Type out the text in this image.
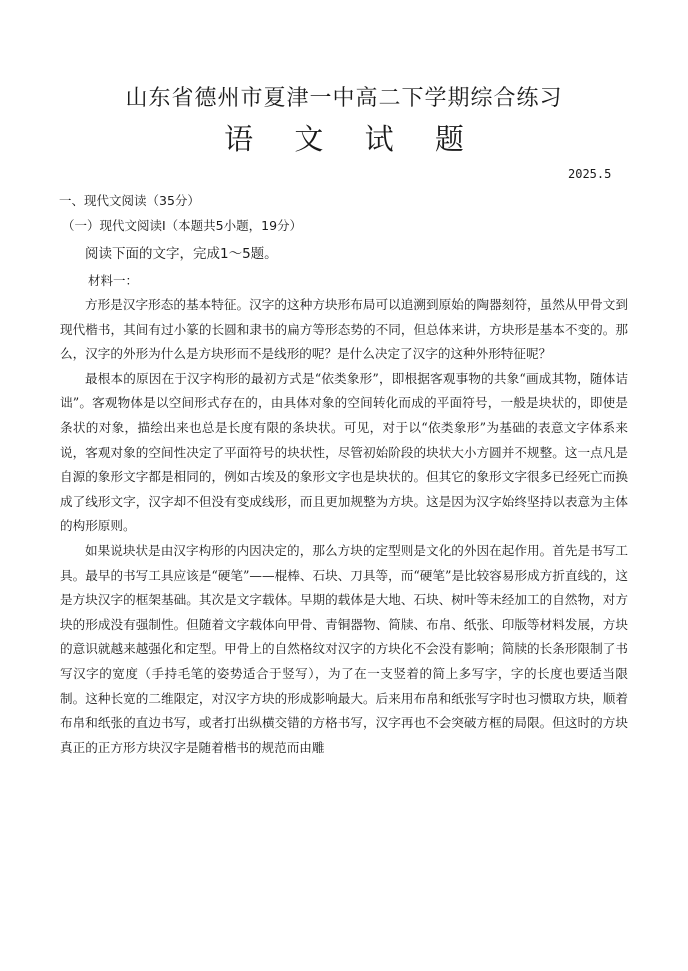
山东省德州市夏津一中高二下学期综合练习
语 文 试 题
2025.5
一、现代文阅读（35分）
（一）现代文阅读Ⅰ（本题共5小题，19分）
阅读下面的文字，完成1～5题。
材料一：

方形是汉字形态的基本特征。汉字的这种方块形布局可以追溯到原始的陶器刻符，虽然从甲骨文到现代楷书，其间有过小篆的长圆和隶书的扁方等形态势的不同，但总体来讲，方块形是基本不变的。那么，汉字的外形为什么是方块形而不是线形的呢？是什么决定了汉字的这种外形特征呢？

最根本的原因在于汉字构形的最初方式是“依类象形”，即根据客观事物的共象“画成其物，随体诘诎”。客观物体是以空间形式存在的，由具体对象的空间转化而成的平面符号，一般是块状的，即使是条状的对象，描绘出来也总是长度有限的条块状。可见，对于以“依类象形”为基础的表意文字体系来说，客观对象的空间性决定了平面符号的块状性，尽管初始阶段的块状大小方圆并不规整。这一点凡是自源的象形文字都是相同的，例如古埃及的象形文字也是块状的。但其它的象形文字很多已经死亡而换成了线形文字，汉字却不但没有变成线形，而且更加规整为方块。这是因为汉字始终坚持以表意为主体的构形原则。

如果说块状是由汉字构形的内因决定的，那么方块的定型则是文化的外因在起作用。首先是书写工具。最早的书写工具应该是“硬笔”——棍棒、石块、刀具等，而“硬笔”是比较容易形成方折直线的，这是方块汉字的框架基础。其次是文字载体。早期的载体是大地、石块、树叶等未经加工的自然物，对方块的形成没有强制性。但随着文字载体向甲骨、青铜器物、简牍、布帛、纸张、印版等材料发展，方块的意识就越来越强化和定型。甲骨上的自然格纹对汉字的方块化不会没有影响；简牍的长条形限制了书写汉字的宽度（手持毛笔的姿势适合于竖写），为了在一支竖着的简上多写字，字的长度也要适当限制。这种长宽的二维限定，对汉字方块的形成影响最大。后来用布帛和纸张写字时也习惯取方块，顺着布帛和纸张的直边书写，或者打出纵横交错的方格书写，汉字再也不会突破方框的局限。但这时的方块真正的正方形方块汉字是随着楷书的规范而由雕
